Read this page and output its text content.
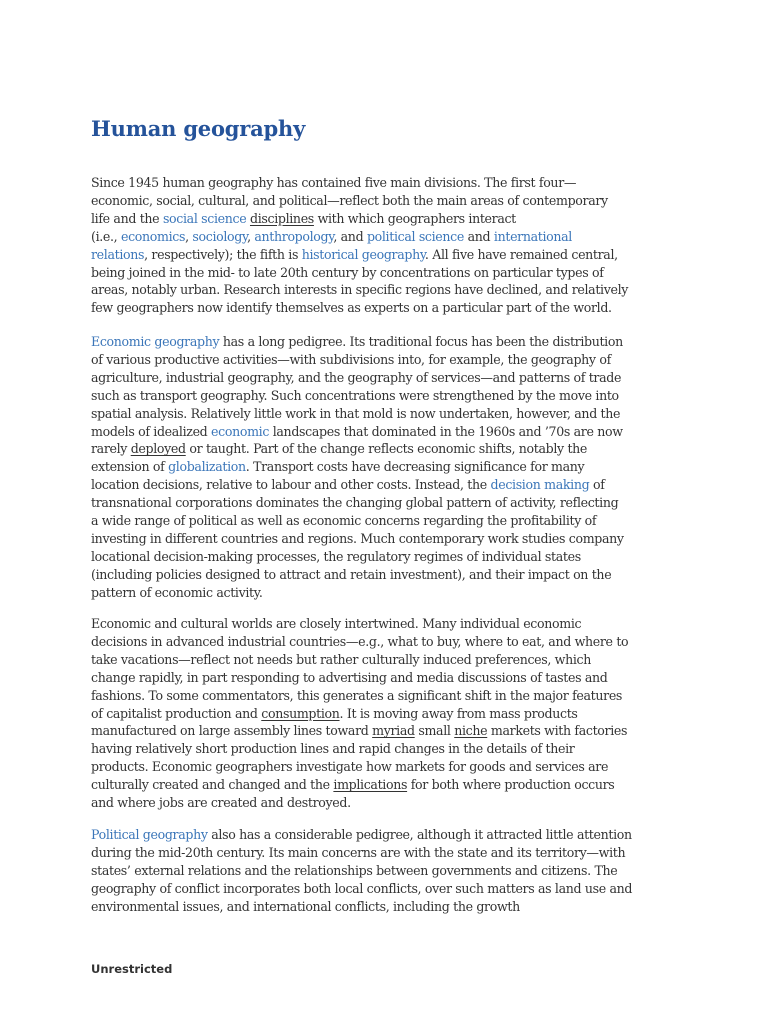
Human geography
Since 1945 human geography has contained five main divisions. The first four—
economic, social, cultural, and political—reflect both the main areas of contemporary
life and the social science disciplines with which geographers interact
(i.e., economics, sociology, anthropology, and political science and international
relations, respectively); the fifth is historical geography. All five have remained central,
being joined in the mid- to late 20th century by concentrations on particular types of
areas, notably urban. Research interests in specific regions have declined, and relatively
few geographers now identify themselves as experts on a particular part of the world.
Economic geography has a long pedigree. Its traditional focus has been the distribution
of various productive activities—with subdivisions into, for example, the geography of
agriculture, industrial geography, and the geography of services—and patterns of trade
such as transport geography. Such concentrations were strengthened by the move into
spatial analysis. Relatively little work in that mold is now undertaken, however, and the
models of idealized economic landscapes that dominated in the 1960s and ’70s are now
rarely deployed or taught. Part of the change reflects economic shifts, notably the
extension of globalization. Transport costs have decreasing significance for many
location decisions, relative to labour and other costs. Instead, the decision making of
transnational corporations dominates the changing global pattern of activity, reflecting
a wide range of political as well as economic concerns regarding the profitability of
investing in different countries and regions. Much contemporary work studies company
locational decision-making processes, the regulatory regimes of individual states
(including policies designed to attract and retain investment), and their impact on the
pattern of economic activity.
Economic and cultural worlds are closely intertwined. Many individual economic
decisions in advanced industrial countries—e.g., what to buy, where to eat, and where to
take vacations—reflect not needs but rather culturally induced preferences, which
change rapidly, in part responding to advertising and media discussions of tastes and
fashions. To some commentators, this generates a significant shift in the major features
of capitalist production and consumption. It is moving away from mass products
manufactured on large assembly lines toward myriad small niche markets with factories
having relatively short production lines and rapid changes in the details of their
products. Economic geographers investigate how markets for goods and services are
culturally created and changed and the implications for both where production occurs
and where jobs are created and destroyed.
Political geography also has a considerable pedigree, although it attracted little attention
during the mid-20th century. Its main concerns are with the state and its territory—with
states’ external relations and the relationships between governments and citizens. The
geography of conflict incorporates both local conflicts, over such matters as land use and
environmental issues, and international conflicts, including the growth
Unrestricted
